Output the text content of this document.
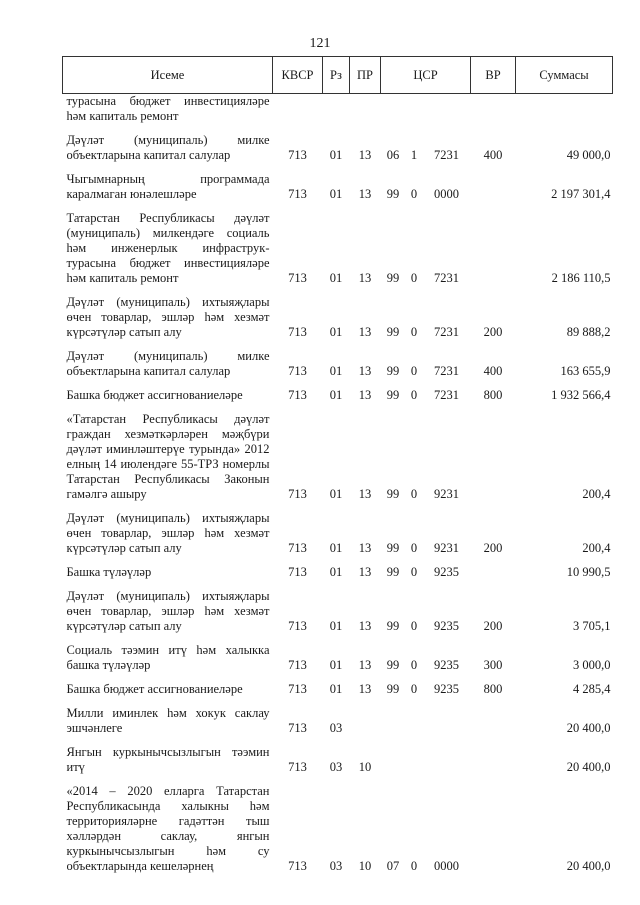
121
Исеме	КВСР	Рз	ПР	ЦСР			ВР	Суммасы
турасына бюджет инвестицияләре һәм капиталь ремонт								
Дәүләт (муниципаль) милке объектларына капитал салулар	713	01	13	06	1	7231	400	49 000,0
Чыгымнарның программада каралмаган юнәлешләре	713	01	13	99	0	0000		2 197 301,4
Татарстан Республикасы дәүләт (муниципаль) милкендәге социаль һәм инженерлык инфраструк-турасына бюджет инвестицияләре һәм капиталь ремонт	713	01	13	99	0	7231		2 186 110,5
Дәүләт (муниципаль) ихтыяҗлары өчен товарлар, эшләр һәм хезмәт күрсәтүләр сатып алу	713	01	13	99	0	7231	200	89 888,2
Дәүләт (муниципаль) милке объектларына капитал салулар	713	01	13	99	0	7231	400	163 655,9
Башка бюджет ассигнованиеләре	713	01	13	99	0	7231	800	1 932 566,4
«Татарстан Республикасы дәүләт граждан хезмәткәрләрен мәҗбүри дәүләт иминләштерүе турында» 2012 елның 14 июлендәге 55-ТРЗ номерлы Татарстан Республикасы Законын гамәлгә ашыру	713	01	13	99	0	9231		200,4
Дәүләт (муниципаль) ихтыяҗлары өчен товарлар, эшләр һәм хезмәт күрсәтүләр сатып алу	713	01	13	99	0	9231	200	200,4
Башка түләүләр	713	01	13	99	0	9235		10 990,5
Дәүләт (муниципаль) ихтыяҗлары өчен товарлар, эшләр һәм хезмәт күрсәтүләр сатып алу	713	01	13	99	0	9235	200	3 705,1
Социаль тәэмин итү һәм халыкка башка түләүләр	713	01	13	99	0	9235	300	3 000,0
Башка бюджет ассигнованиеләре	713	01	13	99	0	9235	800	4 285,4
Милли иминлек һәм хокук саклау эшчәнлеге	713	03						20 400,0
Янгын куркынычсызлыгын тәэмин итү	713	03	10					20 400,0
«2014 – 2020 елларга Татарстан Республикасында халыкны һәм территорияләрне гадәттән тыш хәлләрдән саклау, янгын куркынычсызлыгын һәм су объектларында кешеләрнең	713	03	10	07	0	0000		20 400,0
